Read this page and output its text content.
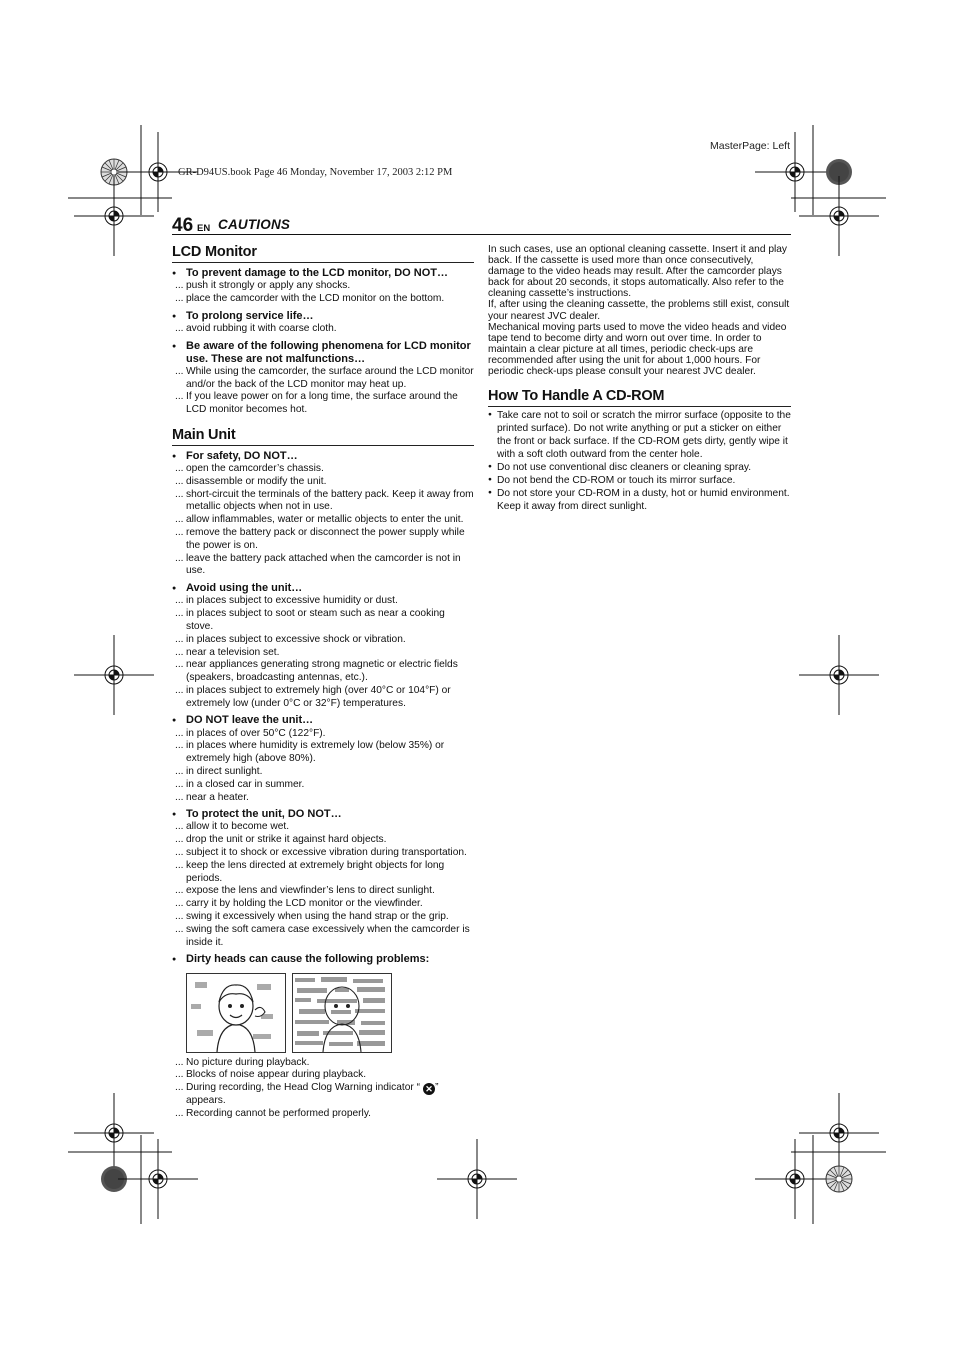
GR-D94US.book Page 46 Monday, November 17, 2003 2:12 PM
MasterPage: Left
46 EN CAUTIONS
LCD Monitor
● To prevent damage to the LCD monitor, DO NOT…
... push it strongly or apply any shocks.
... place the camcorder with the LCD monitor on the bottom.
● To prolong service life…
... avoid rubbing it with coarse cloth.
● Be aware of the following phenomena for LCD monitor use. These are not malfunctions…
... While using the camcorder, the surface around the LCD monitor and/or the back of the LCD monitor may heat up.
... If you leave power on for a long time, the surface around the LCD monitor becomes hot.
Main Unit
● For safety, DO NOT…
... open the camcorder’s chassis.
... disassemble or modify the unit.
... short-circuit the terminals of the battery pack. Keep it away from metallic objects when not in use.
... allow inflammables, water or metallic objects to enter the unit.
... remove the battery pack or disconnect the power supply while the power is on.
... leave the battery pack attached when the camcorder is not in use.
● Avoid using the unit…
... in places subject to excessive humidity or dust.
... in places subject to soot or steam such as near a cooking stove.
... in places subject to excessive shock or vibration.
... near a television set.
... near appliances generating strong magnetic or electric fields (speakers, broadcasting antennas, etc.).
... in places subject to extremely high (over 40°C or 104°F) or extremely low (under 0°C or 32°F) temperatures.
● DO NOT leave the unit…
... in places of over 50°C (122°F).
... in places where humidity is extremely low (below 35%) or extremely high (above 80%).
... in direct sunlight.
... in a closed car in summer.
... near a heater.
● To protect the unit, DO NOT…
... allow it to become wet.
... drop the unit or strike it against hard objects.
... subject it to shock or excessive vibration during transportation.
... keep the lens directed at extremely bright objects for long periods.
... expose the lens and viewfinder’s lens to direct sunlight.
... carry it by holding the LCD monitor or the viewfinder.
... swing it excessively when using the hand strap or the grip.
... swing the soft camera case excessively when the camcorder is inside it.
● Dirty heads can cause the following problems:
... No picture during playback.
... Blocks of noise appear during playback.
... During recording, the Head Clog Warning indicator “ ✕ ” appears.
... Recording cannot be performed properly.

In such cases, use an optional cleaning cassette. Insert it and play back. If the cassette is used more than once consecutively, damage to the video heads may result. After the camcorder plays back for about 20 seconds, it stops automatically. Also refer to the cleaning cassette’s instructions.

If, after using the cleaning cassette, the problems still exist, consult your nearest JVC dealer.

Mechanical moving parts used to move the video heads and video tape tend to become dirty and worn out over time. In order to maintain a clear picture at all times, periodic check-ups are recommended after using the unit for about 1,000 hours. For periodic check-ups please consult your nearest JVC dealer.

How To Handle A CD-ROM
● Take care not to soil or scratch the mirror surface (opposite to the printed surface). Do not write anything or put a sticker on either the front or back surface. If the CD-ROM gets dirty, gently wipe it with a soft cloth outward from the center hole.
● Do not use conventional disc cleaners or cleaning spray.
● Do not bend the CD-ROM or touch its mirror surface.
● Do not store your CD-ROM in a dusty, hot or humid environment. Keep it away from direct sunlight.
